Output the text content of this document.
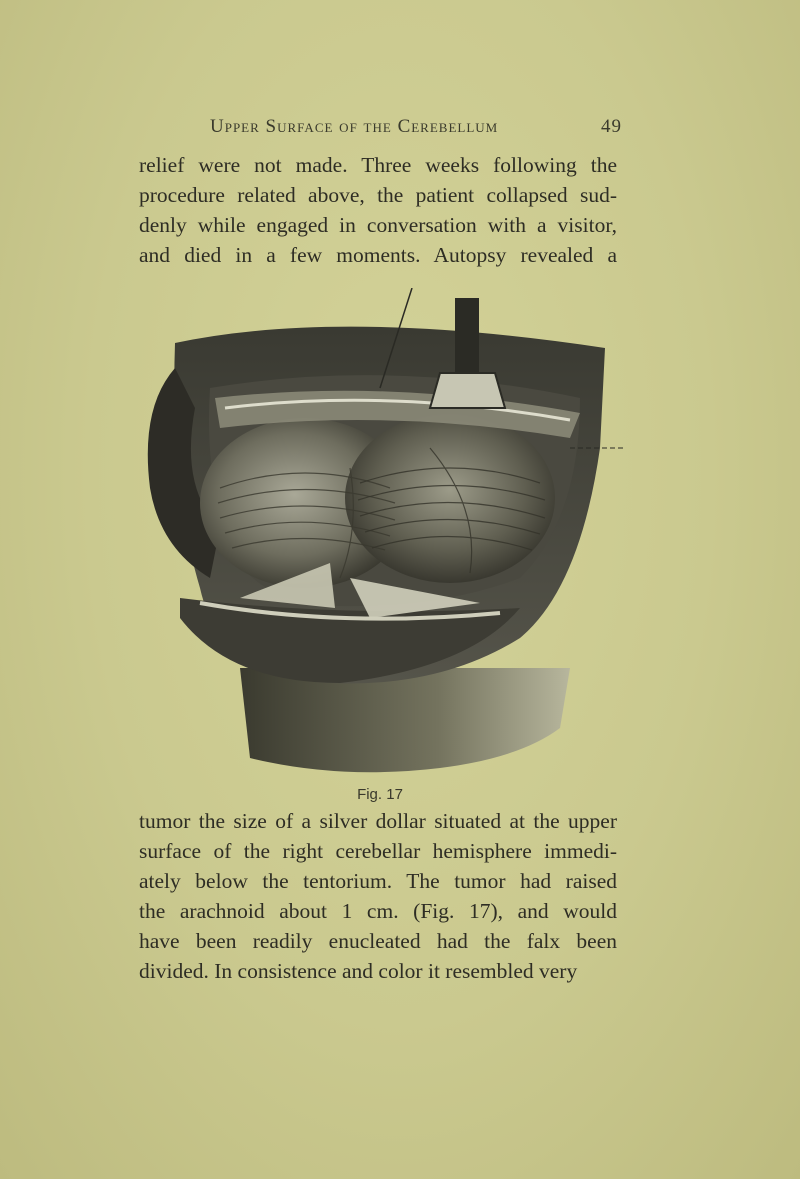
Upper Surface of the Cerebellum	49
relief were not made. Three weeks following the
procedure related above, the patient collapsed sud-
denly while engaged in conversation with a visitor,
and died in a few moments. Autopsy revealed a
Fig. 17
tumor the size of a silver dollar situated at the upper
surface of the right cerebellar hemisphere immedi-
ately below the tentorium. The tumor had raised
the arachnoid about 1 cm. (Fig. 17), and would
have been readily enucleated had the falx been
divided. In consistence and color it resembled very
